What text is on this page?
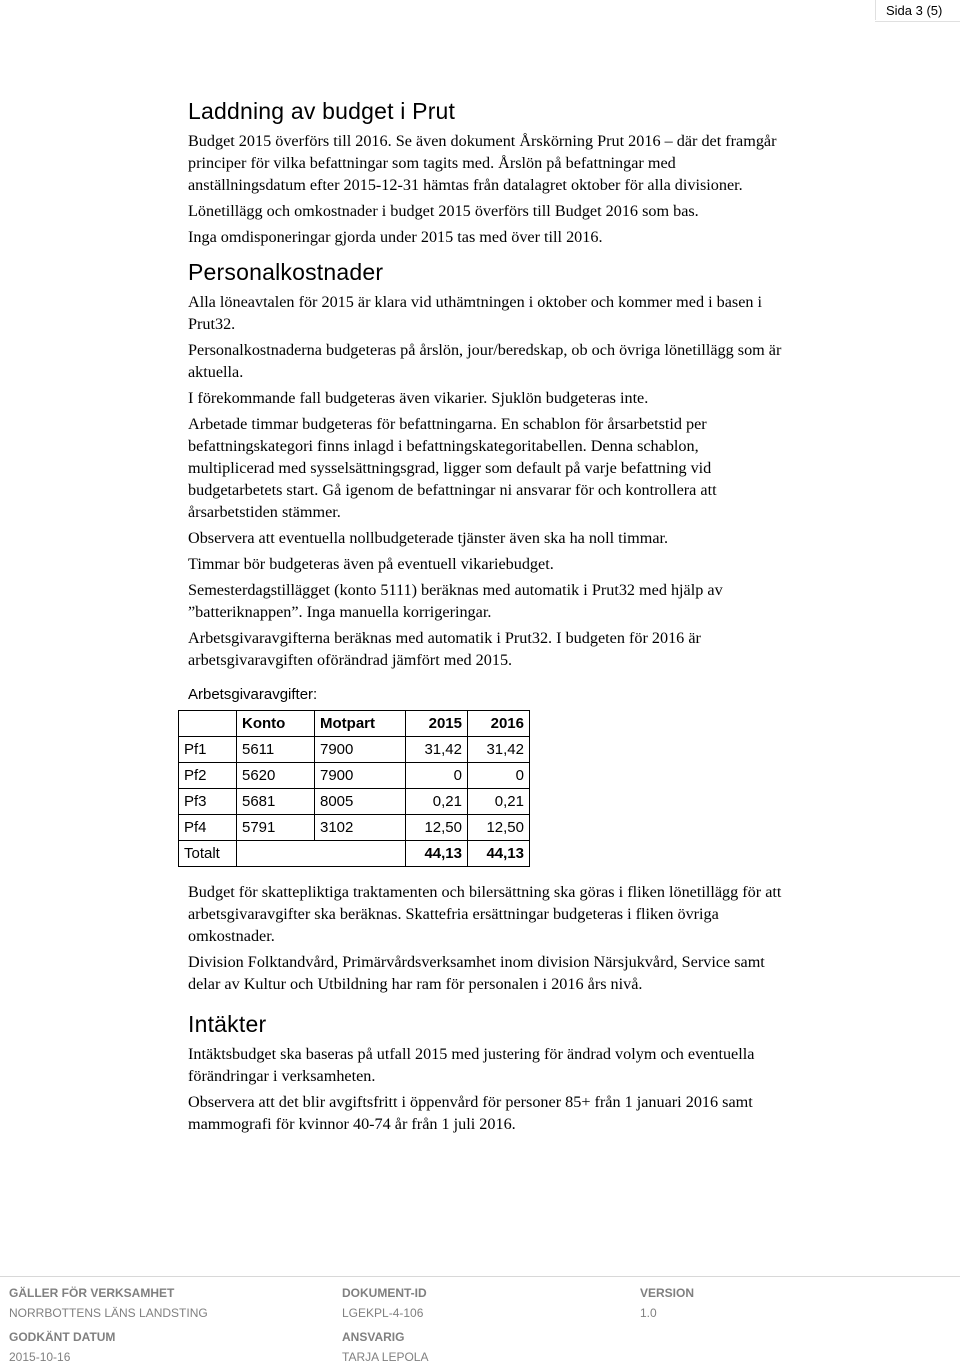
Sida 3 (5)
Laddning av budget i Prut

Budget 2015 överförs till 2016. Se även dokument Årskörning Prut 2016 – där det framgår principer för vilka befattningar som tagits med. Årslön på befattningar med anställningsdatum efter 2015-12-31 hämtas från datalagret oktober för alla divisioner.

Lönetillägg och omkostnader i budget 2015 överförs till Budget 2016 som bas.

Inga omdisponeringar gjorda under 2015 tas med över till 2016.

Personalkostnader

Alla löneavtalen för 2015 är klara vid uthämtningen i oktober och kommer med i basen i Prut32.

Personalkostnaderna budgeteras på årslön, jour/beredskap, ob och övriga lönetillägg som är aktuella.

I förekommande fall budgeteras även vikarier. Sjuklön budgeteras inte.

Arbetade timmar budgeteras för befattningarna. En schablon för årsarbetstid per befattningskategori finns inlagd i befattningskategoritabellen. Denna schablon, multiplicerad med sysselsättningsgrad, ligger som default på varje befattning vid budgetarbetets start. Gå igenom de befattningar ni ansvarar för och kontrollera att årsarbetstiden stämmer.

Observera att eventuella nollbudgeterade tjänster även ska ha noll timmar.

Timmar bör budgeteras även på eventuell vikariebudget.

Semesterdagstillägget (konto 5111) beräknas med automatik i Prut32 med hjälp av ”batteriknappen”. Inga manuella korrigeringar.

Arbetsgivaravgifterna beräknas med automatik i Prut32. I budgeten för 2016 är arbetsgivaravgiften oförändrad jämfört med 2015.

Arbetsgivaravgifter:
	Konto	Motpart	2015	2016
Pf1	5611	7900	31,42	31,42
Pf2	5620	7900	0	0
Pf3	5681	8005	0,21	0,21
Pf4	5791	3102	12,50	12,50
Totalt			44,13	44,13

Budget för skattepliktiga traktamenten och bilersättning ska göras i fliken lönetillägg för att arbetsgivaravgifter ska beräknas. Skattefria ersättningar budgeteras i fliken övriga omkostnader.

Division Folktandvård, Primärvårdsverksamhet inom division Närsjukvård, Service samt delar av Kultur och Utbildning har ram för personalen i 2016 års nivå.

Intäkter

Intäktsbudget ska baseras på utfall 2015 med justering för ändrad volym och eventuella förändringar i verksamheten.

Observera att det blir avgiftsfritt i öppenvård för personer 85+ från 1 januari 2016 samt mammografi för kvinnor 40-74 år från 1 juli 2016.

GÄLLER FÖR VERKSAMHET
NORRBOTTENS LÄNS LANDSTING
DOKUMENT-ID
LGEKPL-4-106
VERSION
1.0
GODKÄNT DATUM
2015-10-16
ANSVARIG
TARJA LEPOLA
